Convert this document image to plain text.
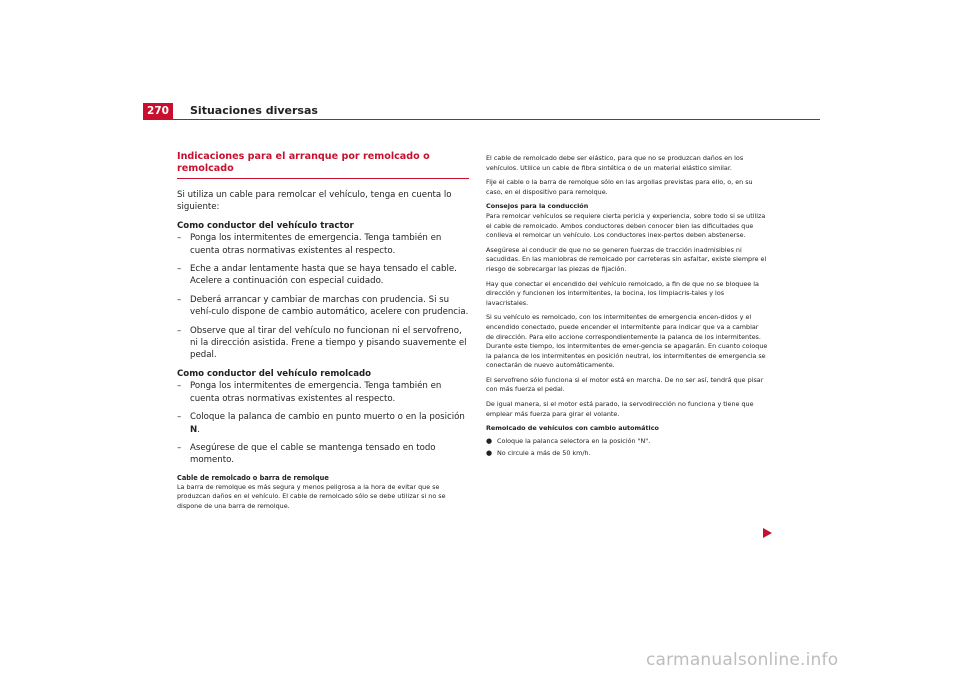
270	Situaciones diversas
Indicaciones para el arranque por remolcado o remolcado

Si utiliza un cable para remolcar el vehículo, tenga en cuenta lo siguiente:

Como conductor del vehículo tractor
– Ponga los intermitentes de emergencia. Tenga también en cuenta otras normativas existentes al respecto.
– Eche a andar lentamente hasta que se haya tensado el cable. Acelere a continuación con especial cuidado.
– Deberá arrancar y cambiar de marchas con prudencia. Si su vehí-culo dispone de cambio automático, acelere con prudencia.
– Observe que al tirar del vehículo no funcionan ni el servofreno, ni la dirección asistida. Frene a tiempo y pisando suavemente el pedal.
Como conductor del vehículo remolcado
– Ponga los intermitentes de emergencia. Tenga también en cuenta otras normativas existentes al respecto.
– Coloque la palanca de cambio en punto muerto o en la posición
N.
– Asegúrese de que el cable se mantenga tensado en todo momento.
Cable de remolcado o barra de remolque

La barra de remolque es más segura y menos peligrosa a la hora de evitar que se produzcan daños en el vehículo. El cable de remolcado sólo se debe utilizar si no se dispone de una barra de remolque.

El cable de remolcado debe ser elástico, para que no se produzcan daños en los vehículos. Utilice un cable de fibra sintética o de un material elástico similar.

Fije el cable o la barra de remolque sólo en las argollas previstas para ello, o, en su caso, en el dispositivo para remolque.

Consejos para la conducción

Para remolcar vehículos se requiere cierta pericia y experiencia, sobre todo si se utiliza el cable de remolcado. Ambos conductores deben conocer bien las dificultades que conlleva el remolcar un vehículo. Los conductores inex-pertos deben abstenerse.

Asegúrese al conducir de que no se generen fuerzas de tracción inadmisibles ni sacudidas. En las maniobras de remolcado por carreteras sin asfaltar, existe siempre el riesgo de sobrecargar las piezas de fijación.

Hay que conectar el encendido del vehículo remolcado, a fin de que no se bloquee la dirección y funcionen los intermitentes, la bocina, los limpiacris-tales y los lavacristales.

Si su vehículo es remolcado, con los intermitentes de emergencia encen-didos y el encendido conectado, puede encender el intermitente para indicar que va a cambiar de dirección. Para ello accione correspondientemente la palanca de los intermitentes. Durante este tiempo, los intermitentes de emer-gencia se apagarán. En cuanto coloque la palanca de los intermitentes en posición neutral, los intermitentes de emergencia se conectarán de nuevo automáticamente.

El servofreno sólo funciona si el motor está en marcha. De no ser así, tendrá que pisar con más fuerza el pedal.

De igual manera, si el motor está parado, la servodirección no funciona y tiene que emplear más fuerza para girar el volante.

Remolcado de vehículos con cambio automático
● Coloque la palanca selectora en la posición "N".
● No circule a más de 50 km/h.
carmanualsonline.info
